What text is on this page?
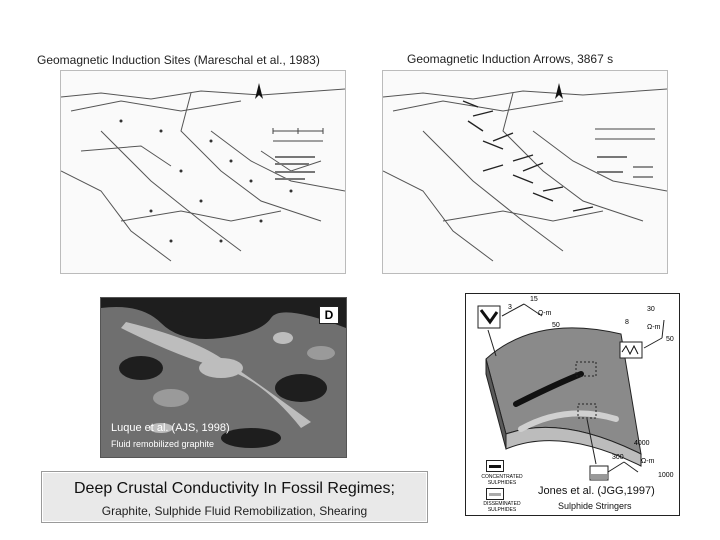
Geomagnetic Induction Sites (Mareschal et al., 1983)	Geomagnetic Induction Arrows, 3867 s
D
Luque et al. (AJS, 1998)
Fluid remobilized graphite
Deep Crustal Conductivity In Fossil Regimes;
Graphite, Sulphide Fluid Remobilization, Shearing
15
3
50
Ω-m
30
8
50
Ω-m
4000
300
1000
Ω-m
CONCENTRATED SULPHIDES
DISSEMINATED SULPHIDES
Jones et al. (JGG,1997)
Sulphide Stringers
